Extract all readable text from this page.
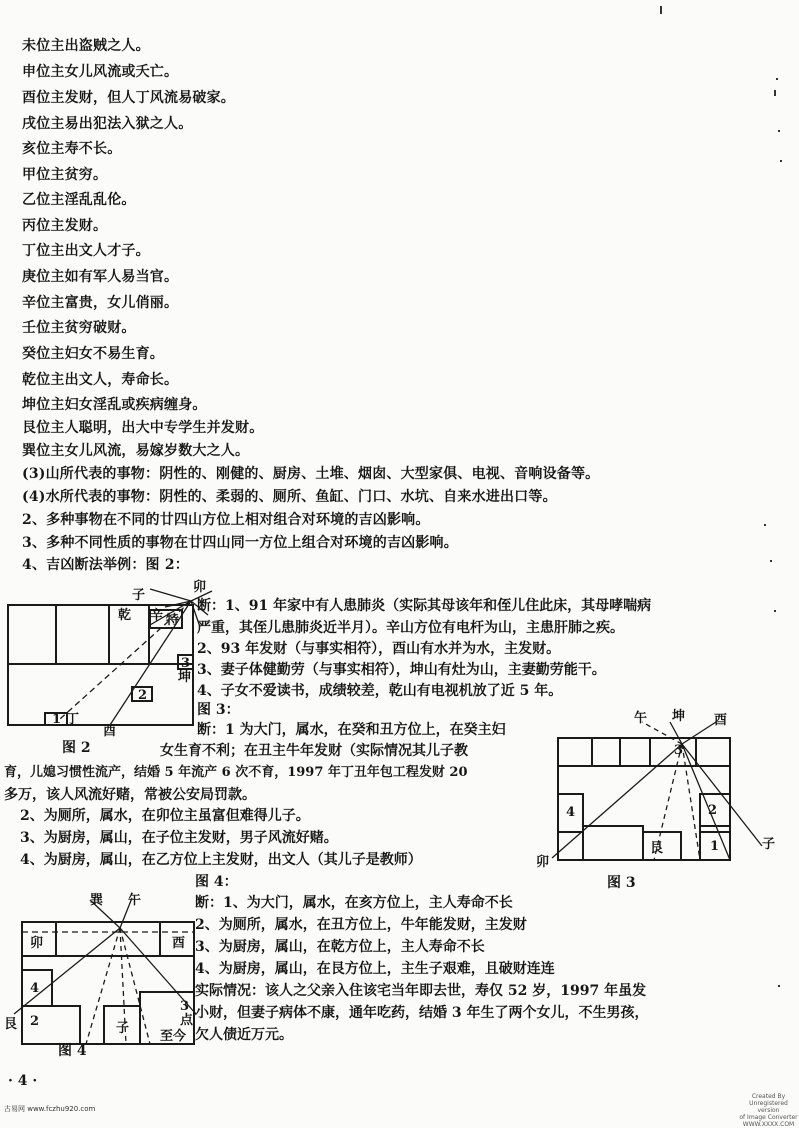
未位主出盗贼之人。
申位主女儿风流或夭亡。
酉位主发财，但人丁风流易破家。
戌位主易出犯法入狱之人。
亥位主寿不长。
甲位主贫穷。
乙位主淫乱乱伦。
丙位主发财。
丁位主出文人才子。
庚位主如有军人易当官。
辛位主富贵，女儿俏丽。
壬位主贫穷破财。
癸位主妇女不易生育。
乾位主出文人，寿命长。
坤位主妇女淫乱或疾病缠身。
艮位主人聪明，出大中专学生并发财。
巽位主女儿风流，易嫁岁数大之人。
(3)山所代表的事物：阴性的、刚健的、厨房、土堆、烟囱、大型家俱、电视、音响设备等。
(4)水所代表的事物：阴性的、柔弱的、厕所、鱼缸、门口、水坑、自来水进出口等。
2、多种事物在不同的廿四山方位上相对组合对环境的吉凶影响。
3、多种不同性质的事物在廿四山同一方位上组合对环境的吉凶影响。
4、吉凶断法举例：图 2：
断：1、91 年家中有人患肺炎（实际其母该年和侄儿住此床，其母哮喘病
严重，其侄儿患肺炎近半月）。辛山方位有电杆为山，主患肝肺之疾。
2、93 年发财（与事实相符），酉山有水并为水，主发财。
3、妻子体健勤劳（与事实相符），坤山有灶为山，主妻勤劳能干。
4、子女不爱读书，成绩较差，乾山有电视机放了近 5 年。
图 3：
断：1 为大门，属水，在癸和丑方位上，在癸主妇
女生育不利；在丑主牛年发财（实际情况其儿子教
育，儿媳习惯性流产，结婚 5 年流产 6 次不育，1997 年丁丑年包工程发财 20
多万，该人风流好赌，常被公安局罚款。
2、为厕所，属水，在卯位主虽富但难得儿子。
3、为厨房，属山，在子位主发财，男子风流好赌。
4、为厨房，属山，在乙方位上主发财，出文人（其儿子是教师）
图 4：
断：1、为大门，属水，在亥方位上，主人寿命不长
2、为厕所，属水，在丑方位上，牛年能发财，主发财
3、为厨房，属山，在乾方位上，主人寿命不长
4、为厨房，属山，在艮方位上，主生子艰难，且破财连连
实际情况：该人之父亲入住该宅当年即去世，寿仅 52 岁，1997 年虽发
小财，但妻子病体不康，通年吃药，结婚 3 年生了两个女儿，不生男孩，
欠人债近万元。
子
卯
乾 辛 特
坤
2
3
丁
1
酉
图 2
午 坤 酉
子
卯
3
4	2
艮	1
图 3
巽 午
卯	酉
艮
4
2
3
子
点
至今
图 4
· 4 ·
古易网 www.fczhu920.com
Created By
Unregistered version
of Image Converter
WWW.XXXX.COM
